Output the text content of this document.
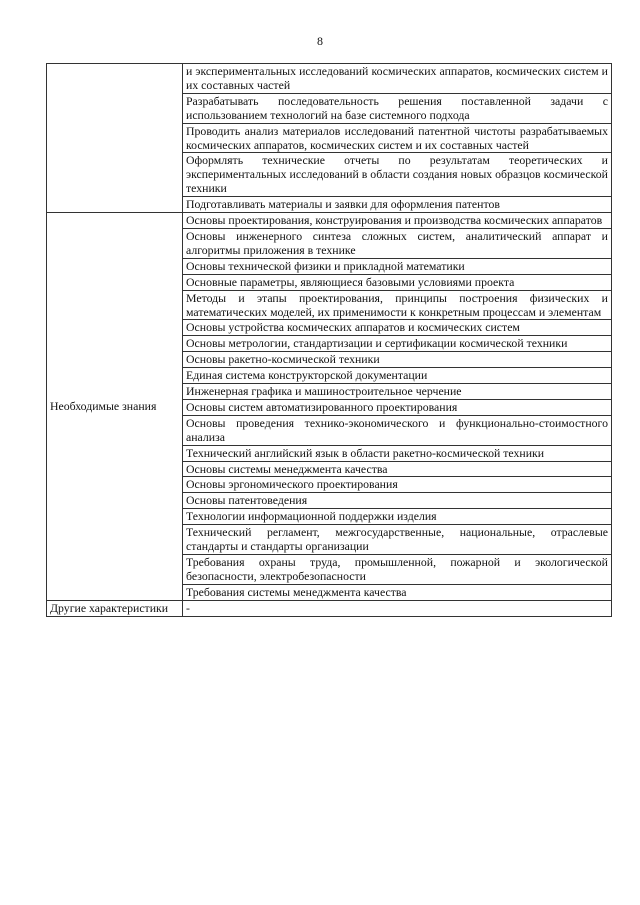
8
	и экспериментальных исследований космических аппаратов, космических систем и их составных частей
	Разрабатывать последовательность решения поставленной задачи с использованием технологий на базе системного подхода
	Проводить анализ материалов исследований патентной чистоты разрабатываемых космических аппаратов, космических систем и их составных частей
	Оформлять технические отчеты по результатам теоретических и экспериментальных исследований в области создания новых образцов космической техники
	Подготавливать материалы и заявки для оформления патентов
Необходимые знания	Основы проектирования, конструирования и производства космических аппаратов
	Основы инженерного синтеза сложных систем, аналитический аппарат и алгоритмы приложения в технике
	Основы технической физики и прикладной математики
	Основные параметры, являющиеся базовыми условиями проекта
	Методы и этапы проектирования, принципы построения физических и математических моделей, их применимости к конкретным процессам и элементам
	Основы устройства космических аппаратов и космических систем
	Основы метрологии, стандартизации и сертификации космической техники
	Основы ракетно-космической техники
	Единая система конструкторской документации
	Инженерная графика и машиностроительное черчение
	Основы систем автоматизированного проектирования
	Основы проведения технико-экономического и функционально-стоимостного анализа
	Технический английский язык в области ракетно-космической техники
	Основы системы менеджмента качества
	Основы эргономического проектирования
	Основы патентоведения
	Технологии информационной поддержки изделия
	Технический регламент, межгосударственные, национальные, отраслевые стандарты и стандарты организации
	Требования охраны труда, промышленной, пожарной и экологической безопасности, электробезопасности
	Требования системы менеджмента качества
Другие характеристики	-
